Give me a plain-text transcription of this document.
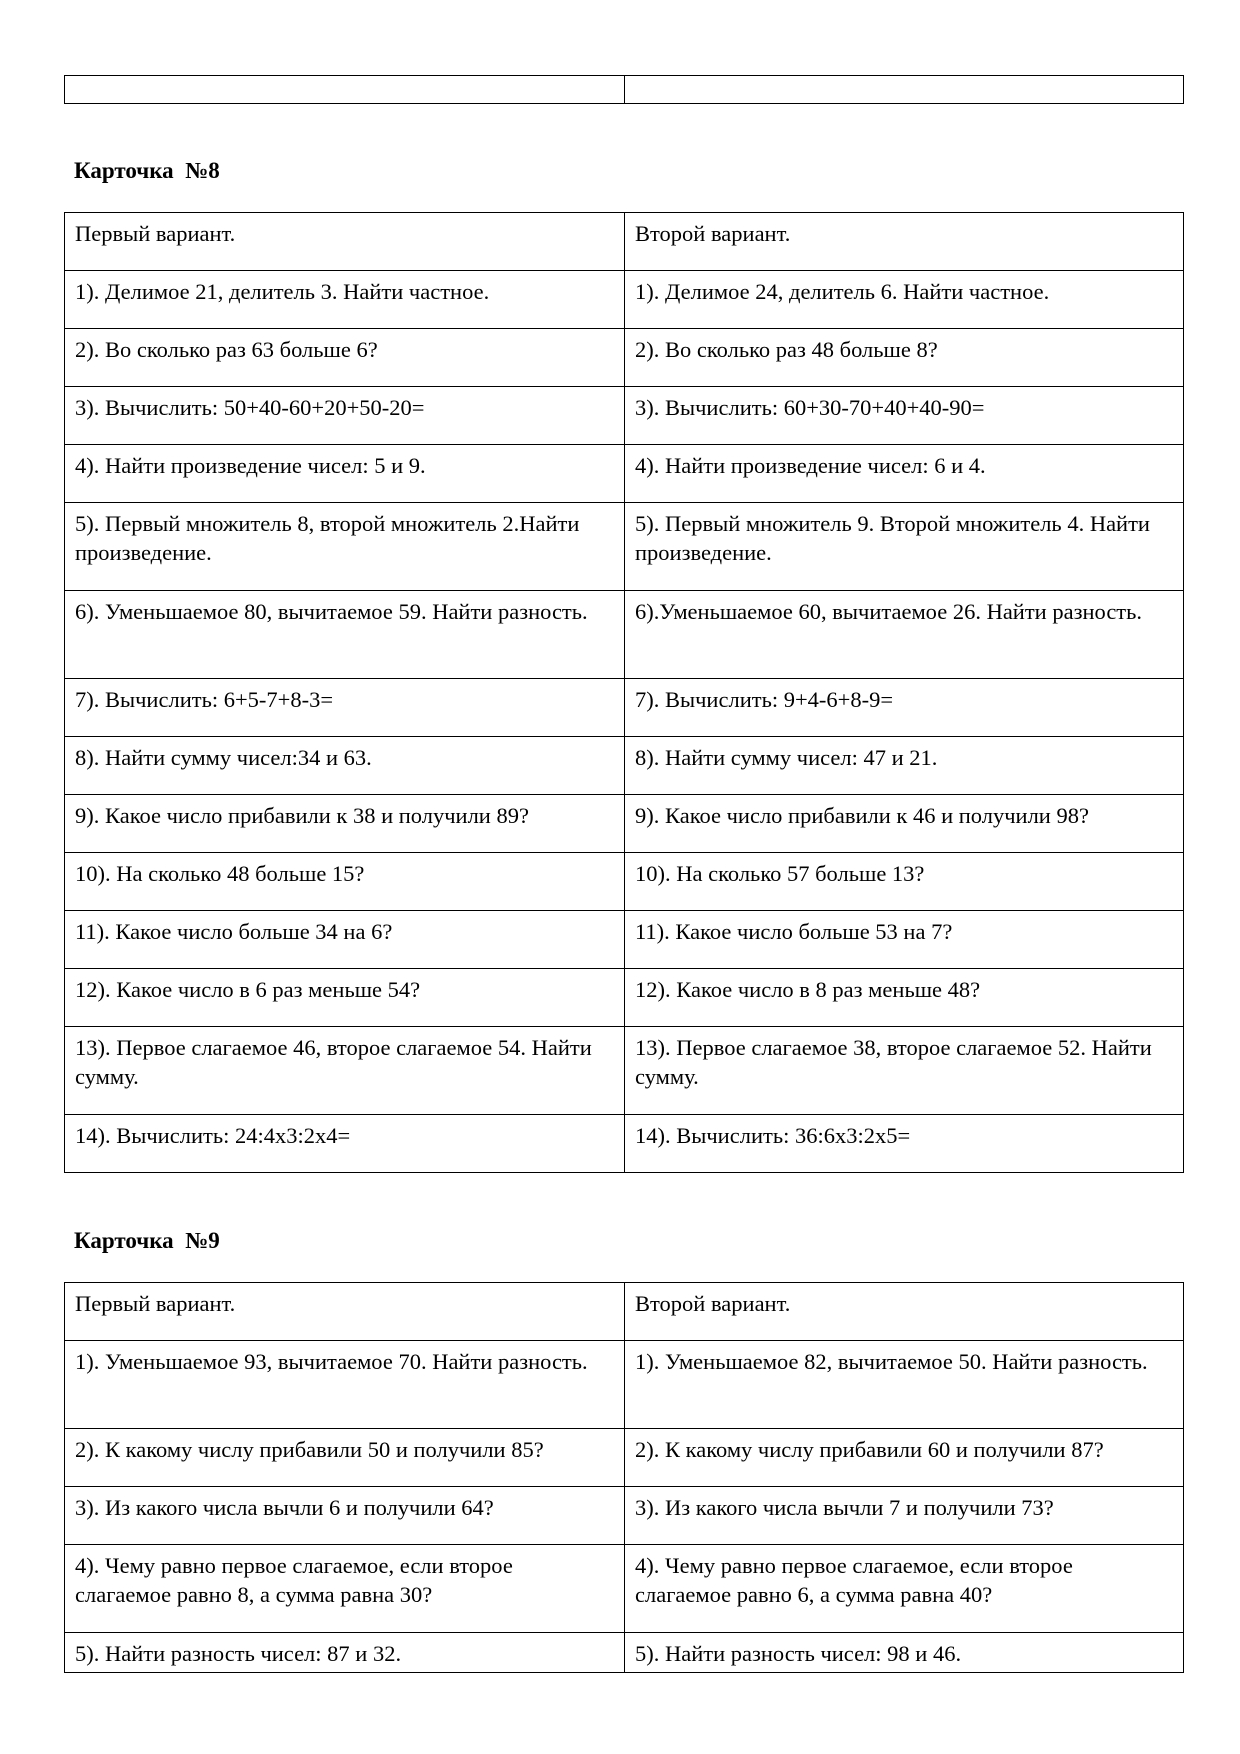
Карточка  №8
Первый вариант.	Второй вариант.
1). Делимое 21, делитель 3. Найти частное.	1). Делимое 24, делитель 6. Найти частное.
2). Во сколько раз 63 больше 6?	2). Во сколько раз 48 больше 8?
3). Вычислить: 50+40-60+20+50-20=	3). Вычислить: 60+30-70+40+40-90=
4). Найти произведение чисел: 5 и 9.	4). Найти произведение чисел: 6 и 4.
5). Первый множитель 8, второй множитель 2.Найти произведение.	5). Первый множитель 9. Второй множитель 4. Найти произведение.
6). Уменьшаемое 80, вычитаемое 59. Найти разность.	6).Уменьшаемое 60, вычитаемое 26. Найти разность.
7). Вычислить: 6+5-7+8-3=	7). Вычислить: 9+4-6+8-9=
8). Найти сумму чисел:34 и 63.	8). Найти сумму чисел: 47 и 21.
9). Какое число прибавили к 38 и получили 89?	9). Какое число прибавили к 46 и получили 98?
10). На сколько 48 больше 15?	10). На сколько 57 больше 13?
11). Какое число больше 34 на 6?	11). Какое число больше 53 на 7?
12). Какое число в 6 раз меньше 54?	12). Какое число в 8 раз меньше 48?
13). Первое слагаемое 46, второе слагаемое 54. Найти сумму.	13). Первое слагаемое 38, второе слагаемое 52. Найти сумму.
14). Вычислить: 24:4х3:2х4=	14). Вычислить: 36:6х3:2х5=
Карточка  №9
Первый вариант.	Второй вариант.
1). Уменьшаемое 93, вычитаемое 70. Найти разность.	1). Уменьшаемое 82, вычитаемое 50. Найти разность.
2). К какому числу прибавили 50 и получили 85?	2). К какому числу прибавили 60 и получили 87?
3). Из какого числа вычли 6 и получили 64?	3). Из какого числа вычли 7 и получили 73?
4). Чему равно первое слагаемое, если второе слагаемое равно 8, а сумма равна 30?	4). Чему равно первое слагаемое, если второе слагаемое равно 6, а сумма равна 40?
5). Найти разность чисел: 87 и 32.	5). Найти разность чисел: 98 и 46.
